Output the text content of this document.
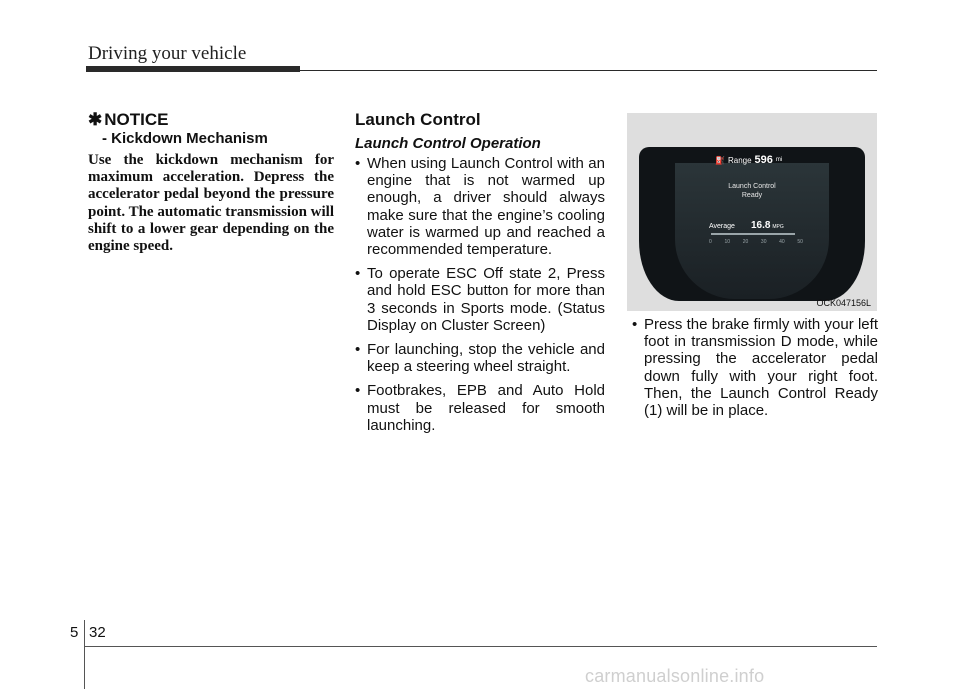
Driving your vehicle
✱ NOTICE
- Kickdown Mechanism
Use the kickdown mechanism for maximum acceleration. Depress the accelerator pedal beyond the pressure point. The automatic transmission will shift to a lower gear depending on the engine speed.
Launch Control
Launch Control Operation
• When using Launch Control with an engine that is not warmed up enough, a driver should always make sure that the engine’s cooling water is warmed up and reached a recommended temperature.
• To operate ESC Off state 2, Press and hold ESC button for more than 3 seconds in Sports mode. (Status Display on Cluster Screen)
• For launching, stop the vehicle and keep a steering wheel straight.
• Footbrakes, EPB and Auto Hold must be released for smooth launching.
⛽ Range 596 mi
Launch Control
Ready
Average 16.8 MPG
0	10	20	30	40	50
OCK047156L
• Press the brake firmly with your left foot in transmission D mode, while pressing the accelerator pedal down fully with your right foot. Then, the Launch Control Ready (1) will be in place.
5 32
carmanualsonline.info
